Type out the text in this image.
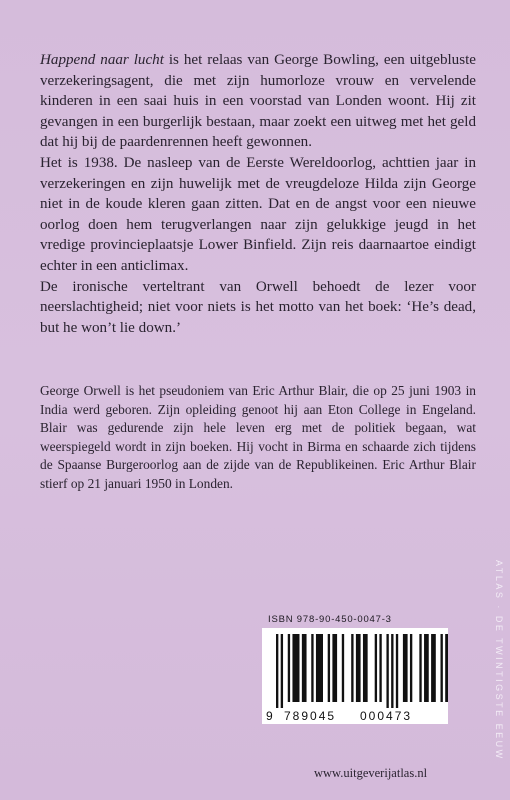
Happend naar lucht is het relaas van George Bowling, een uitgebluste verzekeringsagent, die met zijn humorloze vrouw en vervelende kinderen in een saai huis in een voorstad van Londen woont. Hij zit gevangen in een burgerlijk bestaan, maar zoekt een uitweg met het geld dat hij bij de paardenrennen heeft gewonnen.

Het is 1938. De nasleep van de Eerste Wereldoorlog, achttien jaar in verzekeringen en zijn huwelijk met de vreugdeloze Hilda zijn George niet in de koude kleren gaan zitten. Dat en de angst voor een nieuwe oorlog doen hem terugverlangen naar zijn gelukkige jeugd in het vredige provincieplaatsje Lower Binfield. Zijn reis daarnaartoe eindigt echter in een anticlimax.

De ironische verteltrant van Orwell behoedt de lezer voor neerslachtigheid; niet voor niets is het motto van het boek: ‘He’s dead, but he won’t lie down.’

George Orwell is het pseudoniem van Eric Arthur Blair, die op 25 juni 1903 in India werd geboren. Zijn opleiding genoot hij aan Eton College in Engeland. Blair was gedurende zijn hele leven erg met de politiek begaan, wat weerspiegeld wordt in zijn boeken. Hij vocht in Birma en schaarde zich tijdens de Spaanse Burgeroorlog aan de zijde van de Republikeinen. Eric Arthur Blair stierf op 21 januari 1950 in Londen.

ATLAS · DE TWINTIGSTE EEUW
ISBN 978-90-450-0047-3
9 789045 000473
www.uitgeverijatlas.nl
